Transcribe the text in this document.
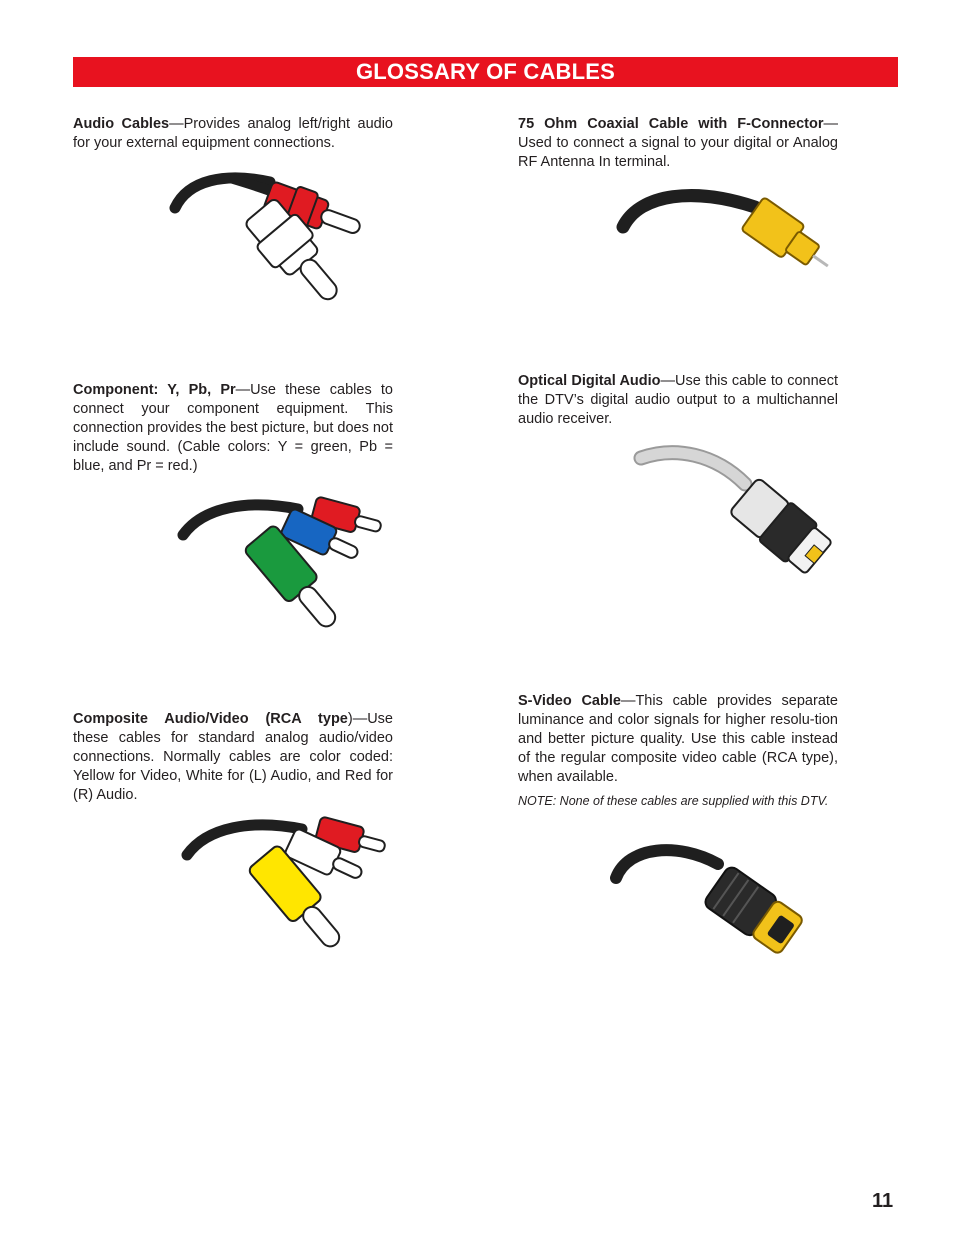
GLOSSARY OF CABLES
Audio Cables—Provides analog left/right audio for your external equipment connections.
75 Ohm Coaxial Cable with F-Connector—Used to connect a signal to your digital or Analog RF Antenna In terminal.
Component: Y, Pb, Pr—Use these cables to connect your component equipment. This connection provides the best picture, but does not include sound. (Cable colors: Y = green, Pb = blue, and Pr = red.)
Optical Digital Audio—Use this cable to connect the DTV’s digital audio output to a multichannel audio receiver.
Composite Audio/Video (RCA type)—Use these cables for standard analog audio/video connections. Normally cables are color coded: Yellow for Video, White for (L) Audio, and Red for (R) Audio.
S-Video Cable—This cable provides separate luminance and color signals for higher resolu-tion and better picture quality. Use this cable instead of the regular composite video cable (RCA type), when available.
NOTE: None of these cables are supplied with this DTV.
11
